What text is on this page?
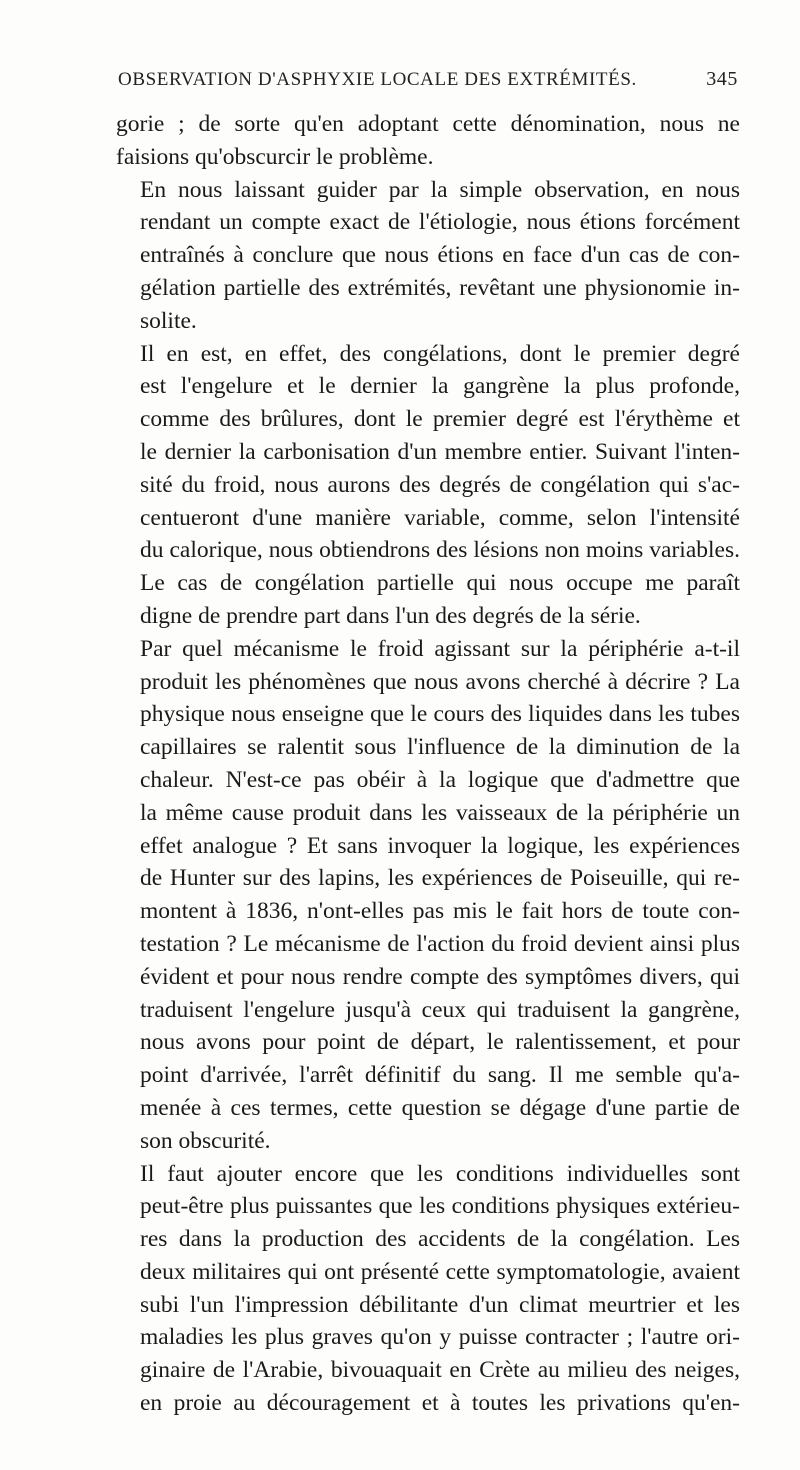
OBSERVATION D'ASPHYXIE LOCALE DES EXTRÉMITÉS.	345

gorie ; de sorte qu'en adoptant cette dénomination, nous ne
faisions qu'obscurcir le problème.

En nous laissant guider par la simple observation, en nous
rendant un compte exact de l'étiologie, nous étions forcément
entraînés à conclure que nous étions en face d'un cas de con-
gélation partielle des extrémités, revêtant une physionomie in-
solite.

Il en est, en effet, des congélations, dont le premier degré
est l'engelure et le dernier la gangrène la plus profonde,
comme des brûlures, dont le premier degré est l'érythème et
le dernier la carbonisation d'un membre entier. Suivant l'inten-
sité du froid, nous aurons des degrés de congélation qui s'ac-
centueront d'une manière variable, comme, selon l'intensité
du calorique, nous obtiendrons des lésions non moins variables.
Le cas de congélation partielle qui nous occupe me paraît
digne de prendre part dans l'un des degrés de la série.

Par quel mécanisme le froid agissant sur la périphérie a-t-il
produit les phénomènes que nous avons cherché à décrire ? La
physique nous enseigne que le cours des liquides dans les tubes
capillaires se ralentit sous l'influence de la diminution de la
chaleur. N'est-ce pas obéir à la logique que d'admettre que
la même cause produit dans les vaisseaux de la périphérie un
effet analogue ? Et sans invoquer la logique, les expériences
de Hunter sur des lapins, les expériences de Poiseuille, qui re-
montent à 1836, n'ont-elles pas mis le fait hors de toute con-
testation ? Le mécanisme de l'action du froid devient ainsi plus
évident et pour nous rendre compte des symptômes divers, qui
traduisent l'engelure jusqu'à ceux qui traduisent la gangrène,
nous avons pour point de départ, le ralentissement, et pour
point d'arrivée, l'arrêt définitif du sang. Il me semble qu'a-
menée à ces termes, cette question se dégage d'une partie de
son obscurité.

Il faut ajouter encore que les conditions individuelles sont
peut-être plus puissantes que les conditions physiques extérieu-
res dans la production des accidents de la congélation. Les
deux militaires qui ont présenté cette symptomatologie, avaient
subi l'un l'impression débilitante d'un climat meurtrier et les
maladies les plus graves qu'on y puisse contracter ; l'autre ori-
ginaire de l'Arabie, bivouaquait en Crète au milieu des neiges,
en proie au découragement et à toutes les privations qu'en-
